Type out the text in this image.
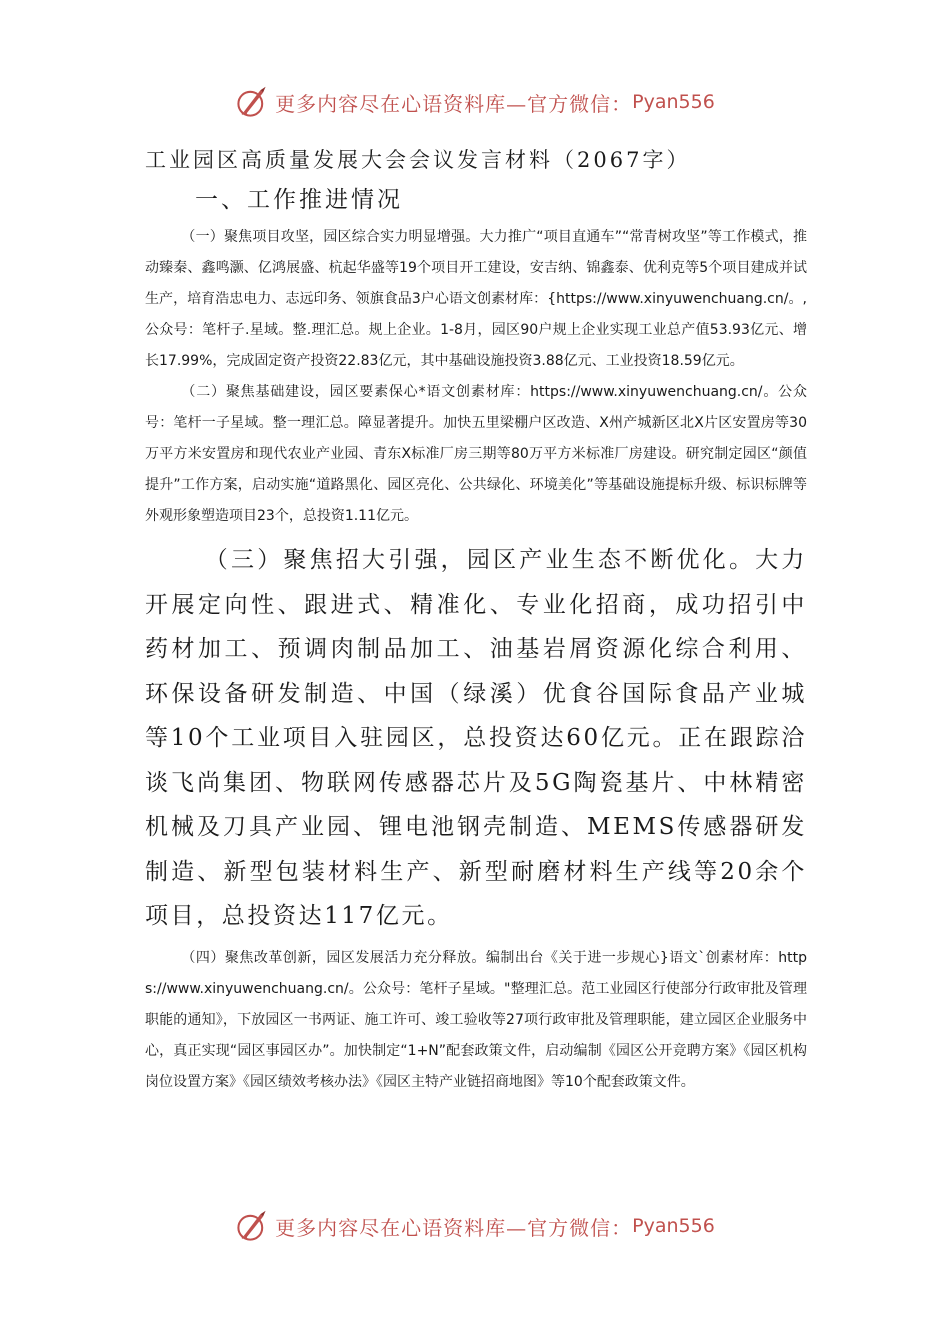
更多内容尽在心语资料库—官方微信： Pyan556
工业园区高质量发展大会会议发言材料（2067字）
一、工作推进情况

（一）聚焦项目攻坚，园区综合实力明显增强。大力推广“项目直通车”“常青树攻坚”等工作模式，推动臻秦、鑫鸣灏、亿鸿展盛、杭起华盛等19个项目开工建设，安吉纳、锦鑫泰、优利克等5个项目建成并试生产，培育浩忠电力、志远印务、领旗食品3户心语文创素材库：{https://www.xinyuwenchuang.cn/。,公众号：笔杆子.星域。整.理汇总。规上企业。1-8月，园区90户规上企业实现工业总产值53.93亿元、增长17.99%，完成固定资产投资22.83亿元，其中基础设施投资3.88亿元、工业投资18.59亿元。

（二）聚焦基础建设，园区要素保心*语文创素材库：https://www.xinyuwenchuang.cn/。公众号：笔杆一子星域。整一理汇总。障显著提升。加快五里梁棚户区改造、X州产城新区北X片区安置房等30万平方米安置房和现代农业产业园、青东X标准厂房三期等80万平方米标准厂房建设。研究制定园区“颜值提升”工作方案，启动实施“道路黑化、园区亮化、公共绿化、环境美化”等基础设施提标升级、标识标牌等外观形象塑造项目23个，总投资1.11亿元。

（三）聚焦招大引强，园区产业生态不断优化。大力开展定向性、跟进式、精准化、专业化招商，成功招引中药材加工、预调肉制品加工、油基岩屑资源化综合利用、环保设备研发制造、中国（绿溪）优食谷国际食品产业城等10个工业项目入驻园区，总投资达60亿元。正在跟踪洽谈飞尚集团、物联网传感器芯片及5G陶瓷基片、中林精密机械及刀具产业园、锂电池钢壳制造、MEMS传感器研发制造、新型包装材料生产、新型耐磨材料生产线等20余个项目，总投资达117亿元。

（四）聚焦改革创新，园区发展活力充分释放。编制出台《关于进一步规心}语文`创素材库：https://www.xinyuwenchuang.cn/。公众号：笔杆子星域。"整理汇总。范工业园区行使部分行政审批及管理职能的通知》，下放园区一书两证、施工许可、竣工验收等27项行政审批及管理职能，建立园区企业服务中心，真正实现“园区事园区办”。加快制定“1+N”配套政策文件，启动编制《园区公开竞聘方案》《园区机构岗位设置方案》《园区绩效考核办法》《园区主特产业链招商地图》等10个配套政策文件。

更多内容尽在心语资料库—官方微信： Pyan556
